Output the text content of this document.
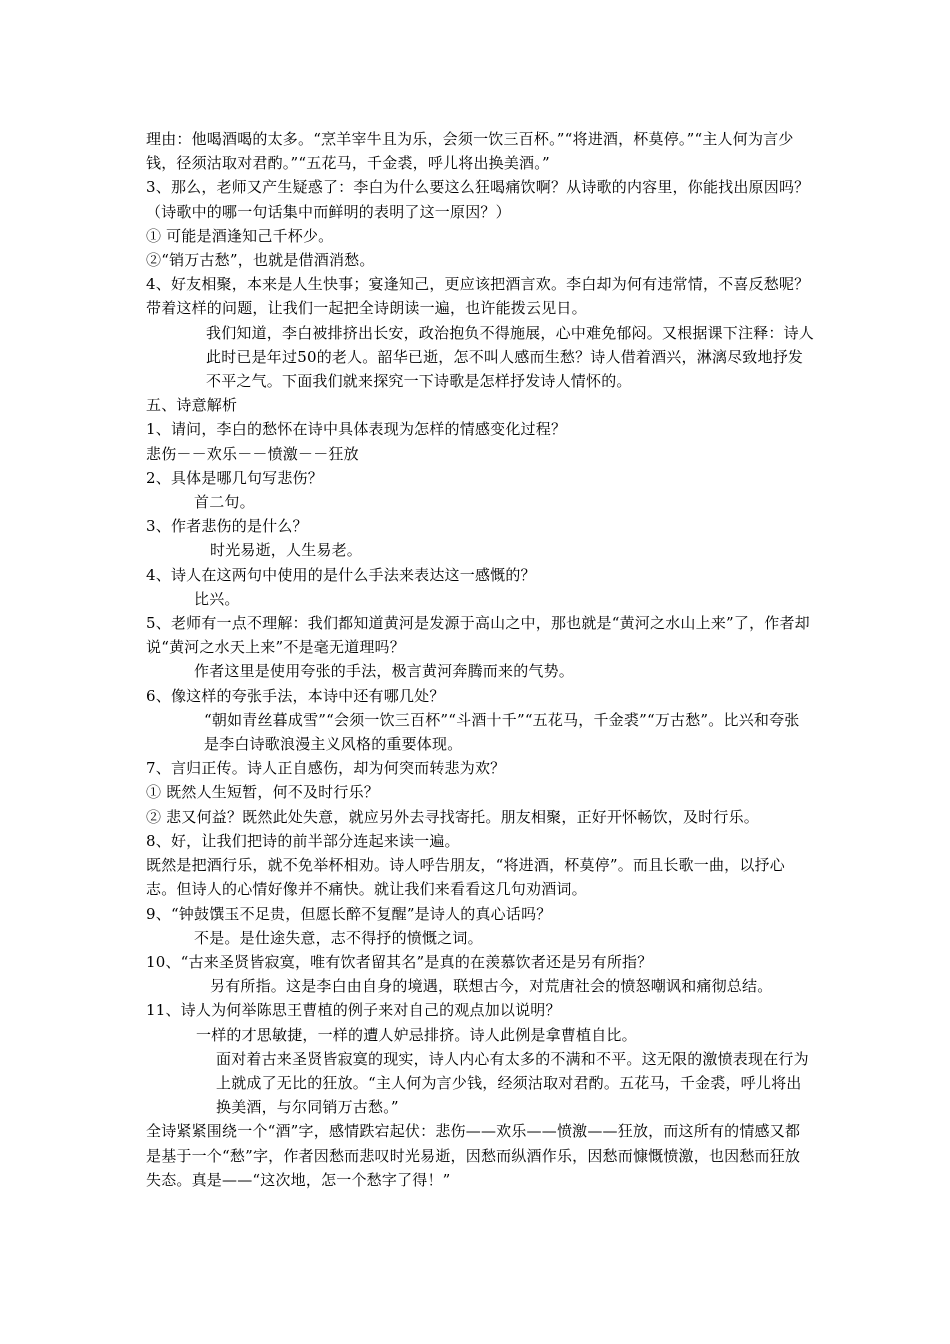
理由：他喝酒喝的太多。“烹羊宰牛且为乐，会须一饮三百杯。”“将进酒，杯莫停。”“主人何为言少钱，径须沽取对君酌。”“五花马，千金裘，呼儿将出换美酒。”

3、那么，老师又产生疑惑了：李白为什么要这么狂喝痛饮啊？从诗歌的内容里，你能找出原因吗？（诗歌中的哪一句话集中而鲜明的表明了这一原因？）

① 可能是酒逢知己千杯少。

②“销万古愁”，也就是借酒消愁。

4、好友相聚，本来是人生快事；宴逢知己，更应该把酒言欢。李白却为何有违常情，不喜反愁呢？带着这样的问题，让我们一起把全诗朗读一遍，也许能拨云见日。

我们知道，李白被排挤出长安，政治抱负不得施展，心中难免郁闷。又根据课下注释：诗人此时已是年过50的老人。韶华已逝，怎不叫人感而生愁？诗人借着酒兴，淋漓尽致地抒发不平之气。下面我们就来探究一下诗歌是怎样抒发诗人情怀的。

五、诗意解析

1、请问，李白的愁怀在诗中具体表现为怎样的情感变化过程？

悲伤－－欢乐－－愤激－－狂放

2、具体是哪几句写悲伤？

首二句。

3、作者悲伤的是什么？

时光易逝，人生易老。

4、诗人在这两句中使用的是什么手法来表达这一感慨的？

比兴。

5、老师有一点不理解：我们都知道黄河是发源于高山之中，那也就是“黄河之水山上来”了，作者却说“黄河之水天上来”不是毫无道理吗？

作者这里是使用夸张的手法，极言黄河奔腾而来的气势。

6、像这样的夸张手法，本诗中还有哪几处？

“朝如青丝暮成雪”“会须一饮三百杯”“斗酒十千”“五花马，千金裘”“万古愁”。比兴和夸张是李白诗歌浪漫主义风格的重要体现。

7、言归正传。诗人正自感伤，却为何突而转悲为欢？

① 既然人生短暂，何不及时行乐？

② 悲又何益？既然此处失意，就应另外去寻找寄托。朋友相聚，正好开怀畅饮，及时行乐。

8、好，让我们把诗的前半部分连起来读一遍。

既然是把酒行乐，就不免举杯相劝。诗人呼告朋友，“将进酒，杯莫停”。而且长歌一曲，以抒心志。但诗人的心情好像并不痛快。就让我们来看看这几句劝酒词。

9、“钟鼓馔玉不足贵，但愿长醉不复醒”是诗人的真心话吗？

不是。是仕途失意，志不得抒的愤慨之词。

10、“古来圣贤皆寂寞，唯有饮者留其名”是真的在羡慕饮者还是另有所指？

另有所指。这是李白由自身的境遇，联想古今，对荒唐社会的愤怒嘲讽和痛彻总结。

11、诗人为何举陈思王曹植的例子来对自己的观点加以说明？

一样的才思敏捷，一样的遭人妒忌排挤。诗人此例是拿曹植自比。

面对着古来圣贤皆寂寞的现实，诗人内心有太多的不满和不平。这无限的激愤表现在行为上就成了无比的狂放。“主人何为言少钱，经须沽取对君酌。五花马，千金裘，呼儿将出换美酒，与尔同销万古愁。”

全诗紧紧围绕一个“酒”字，感情跌宕起伏：悲伤——欢乐——愤激——狂放，而这所有的情感又都是基于一个“愁”字，作者因愁而悲叹时光易逝，因愁而纵酒作乐，因愁而慷慨愤激，也因愁而狂放失态。真是——“这次地，怎一个愁字了得！”
